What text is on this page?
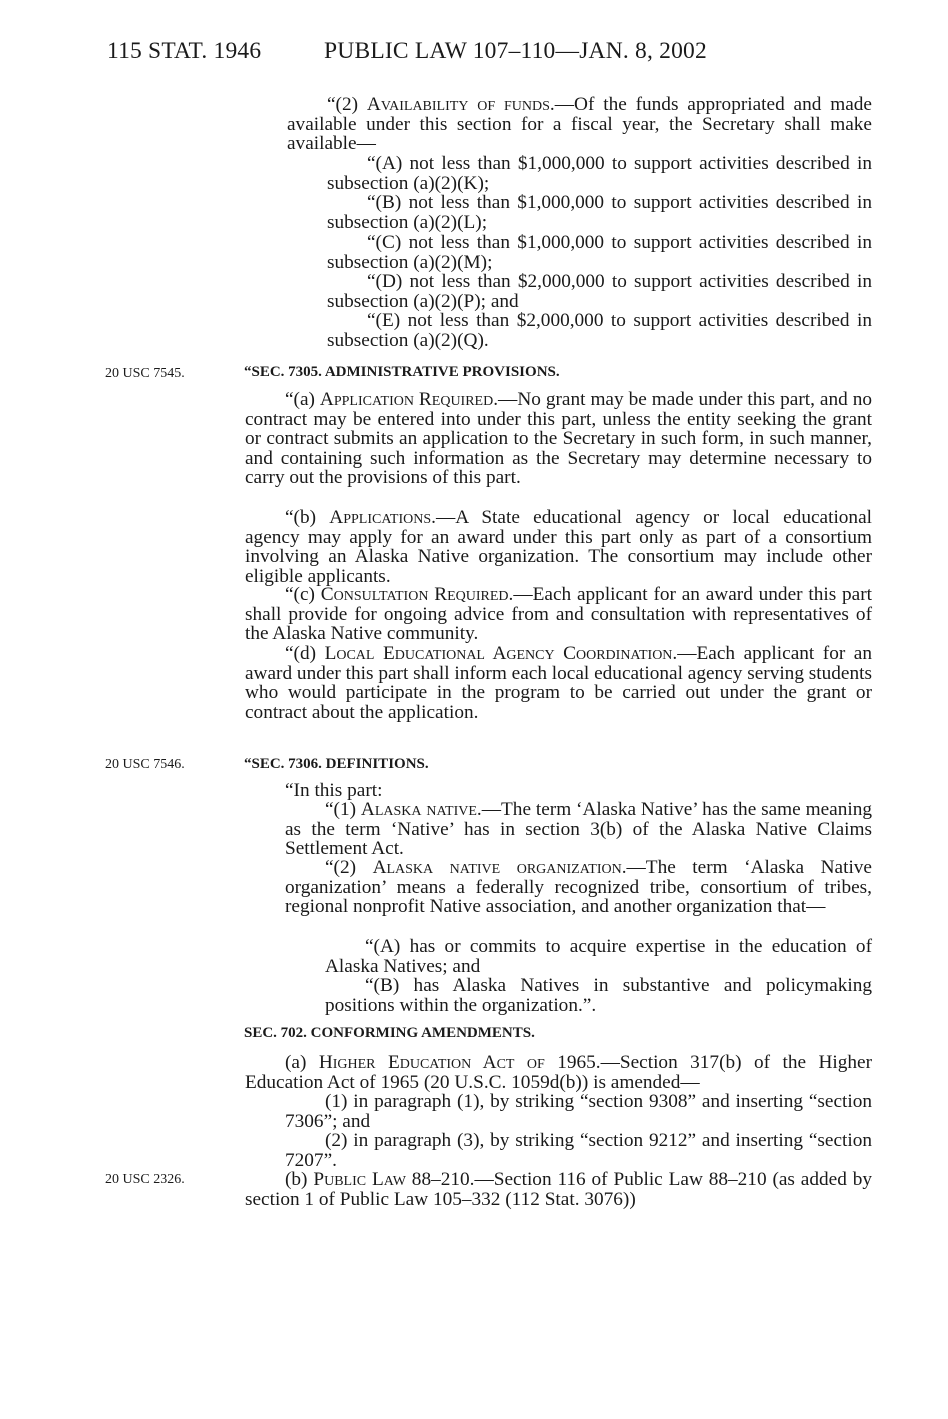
115 STAT. 1946	PUBLIC LAW 107–110—JAN. 8, 2002

“(2) Availability of funds.—Of the funds appropriated and made available under this section for a fiscal year, the Secretary shall make available—

“(A) not less than $1,000,000 to support activities described in subsection (a)(2)(K);

“(B) not less than $1,000,000 to support activities described in subsection (a)(2)(L);

“(C) not less than $1,000,000 to support activities described in subsection (a)(2)(M);

“(D) not less than $2,000,000 to support activities described in subsection (a)(2)(P); and

“(E) not less than $2,000,000 to support activities described in subsection (a)(2)(Q).

20 USC 7545.	“SEC. 7305. ADMINISTRATIVE PROVISIONS.

“(a) Application Required.—No grant may be made under this part, and no contract may be entered into under this part, unless the entity seeking the grant or contract submits an application to the Secretary in such form, in such manner, and containing such information as the Secretary may determine necessary to carry out the provisions of this part.

“(b) Applications.—A State educational agency or local educational agency may apply for an award under this part only as part of a consortium involving an Alaska Native organization. The consortium may include other eligible applicants.

“(c) Consultation Required.—Each applicant for an award under this part shall provide for ongoing advice from and consultation with representatives of the Alaska Native community.

“(d) Local Educational Agency Coordination.—Each applicant for an award under this part shall inform each local educational agency serving students who would participate in the program to be carried out under the grant or contract about the application.

20 USC 7546.	“SEC. 7306. DEFINITIONS.

“In this part:

“(1) Alaska native.—The term ‘Alaska Native’ has the same meaning as the term ‘Native’ has in section 3(b) of the Alaska Native Claims Settlement Act.

“(2) Alaska native organization.—The term ‘Alaska Native organization’ means a federally recognized tribe, consortium of tribes, regional nonprofit Native association, and another organization that—

“(A) has or commits to acquire expertise in the education of Alaska Natives; and

“(B) has Alaska Natives in substantive and policymaking positions within the organization.”.

SEC. 702. CONFORMING AMENDMENTS.

(a) Higher Education Act of 1965.—Section 317(b) of the Higher Education Act of 1965 (20 U.S.C. 1059d(b)) is amended—

(1) in paragraph (1), by striking “section 9308” and inserting “section 7306”; and

(2) in paragraph (3), by striking “section 9212” and inserting “section 7207”.

20 USC 2326.	(b) Public Law 88–210.—Section 116 of Public Law 88–210 (as added by section 1 of Public Law 105–332 (112 Stat. 3076))
